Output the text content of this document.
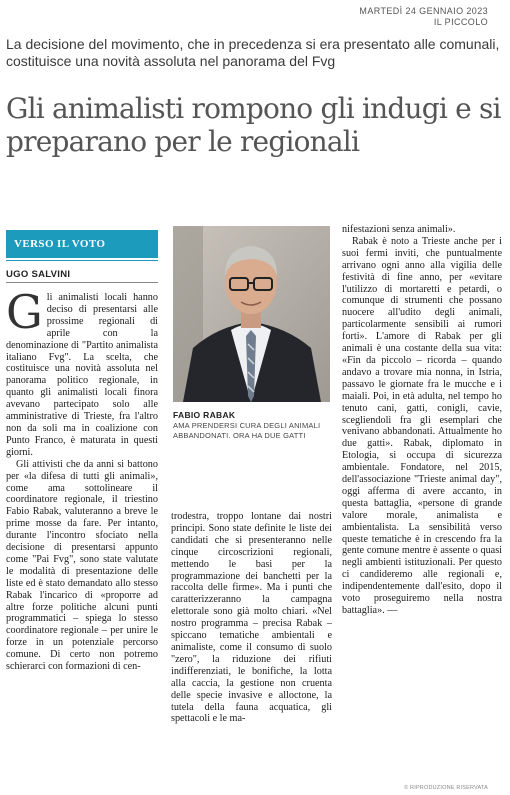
MARTEDÌ 24 GENNAIO 2023
IL PICCOLO
La decisione del movimento, che in precedenza si era presentato alle comunali, costituisce una novità assoluta nel panorama del Fvg
Gli animalisti rompono gli indugi e si preparano per le regionali
VERSO IL VOTO
UGO SALVINI

Gli animalisti locali hanno deciso di presentarsi alle prossime regionali di aprile con la denominazione di "Partito animalista italiano Fvg". La scelta, che costituisce una novità assoluta nel panorama politico regionale, in quanto gli animalisti locali finora avevano partecipato solo alle amministrative di Trieste, fra l'altro non da soli ma in coalizione con Punto Franco, è maturata in questi giorni.

Gli attivisti che da anni si battono per «la difesa di tutti gli animali», come ama sottolineare il coordinatore regionale, il triestino Fabio Rabak, valuteranno a breve le prime mosse da fare. Per intanto, durante l'incontro sfociato nella decisione di presentarsi appunto come "Pai Fvg", sono state valutate le modalità di presentazione delle liste ed è stato demandato allo stesso Rabak l'incarico di «proporre ad altre forze politiche alcuni punti programmatici – spiega lo stesso coordinatore regionale – per unire le forze in un potenziale percorso comune. Di certo non potremo schierarci con formazioni di cen-

FABIO RABAK
AMA PRENDERSI CURA DEGLI ANIMALI ABBANDONATI. ORA HA DUE GATTI

trodestra, troppo lontane dai nostri principi. Sono state definite le liste dei candidati che si presenteranno nelle cinque circoscrizioni regionali, mettendo le basi per la programmazione dei banchetti per la raccolta delle firme». Ma i punti che caratterizzeranno la campagna elettorale sono già molto chiari. «Nel nostro programma – precisa Rabak – spiccano tematiche ambientali e animaliste, come il consumo di suolo "zero", la riduzione dei rifiuti indifferenziati, le bonifiche, la lotta alla caccia, la gestione non cruenta delle specie invasive e alloctone, la tutela della fauna acquatica, gli spettacoli e le ma-

nifestazioni senza animali».

Rabak è noto a Trieste anche per i suoi fermi inviti, che puntualmente arrivano ogni anno alla vigilia delle festività di fine anno, per «evitare l'utilizzo di mortaretti e petardi, o comunque di strumenti che possano nuocere all'udito degli animali, particolarmente sensibili ai rumori forti». L'amore di Rabak per gli animali è una costante della sua vita: «Fin da piccolo – ricorda – quando andavo a trovare mia nonna, in Istria, passavo le giornate fra le mucche e i maiali. Poi, in età adulta, nel tempo ho tenuto cani, gatti, conigli, cavie, scegliendoli fra gli esemplari che venivano abbandonati. Attualmente ho due gatti». Rabak, diplomato in Etologia, si occupa di sicurezza ambientale. Fondatore, nel 2015, dell'associazione "Trieste animal day", oggi afferma di avere accanto, in questa battaglia, «persone di grande valore morale, animalista e ambientalista. La sensibilità verso queste tematiche è in crescendo fra la gente comune mentre è assente o quasi negli ambienti istituzionali. Per questo ci candideremo alle regionali e, indipendentemente dall'esito, dopo il voto proseguiremo nella nostra battaglia». —

© RIPRODUZIONE RISERVATA
